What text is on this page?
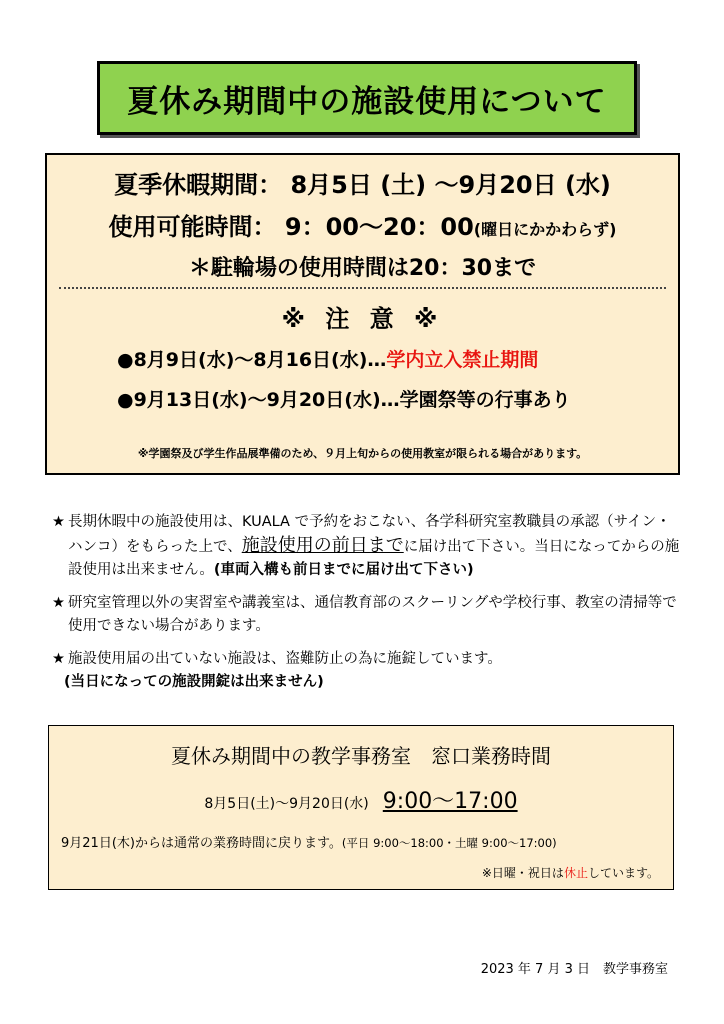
夏休み期間中の施設使用について
夏季休暇期間： 8月5日 (土) ～9月20日 (水)
使用可能時間： 9：00～20：00(曜日にかかわらず)
＊駐輪場の使用時間は20：30まで
※ 注 意 ※
●8月9日(水)～8月16日(水)…学内立入禁止期間
●9月13日(水)～9月20日(水)…学園祭等の行事あり
※学園祭及び学生作品展準備のため、９月上旬からの使用教室が限られる場合があります。
★ 長期休暇中の施設使用は、KUALA で予約をおこない、各学科研究室教職員の承認（サイン・ハンコ）をもらった上で、施設使用の前日までに届け出て下さい。当日になってからの施設使用は出来ません。(車両入構も前日までに届け出て下さい)
★ 研究室管理以外の実習室や講義室は、通信教育部のスクーリングや学校行事、教室の清掃等で使用できない場合があります。
★ 施設使用届の出ていない施設は、盗難防止の為に施錠しています。
(当日になっての施設開錠は出来ません)
夏休み期間中の教学事務室　窓口業務時間
8月5日(土)～9月20日(水) 9:00～17:00
9月21日(木)からは通常の業務時間に戻ります。(平日 9:00～18:00・土曜 9:00～17:00)
※日曜・祝日は休止しています。
2023 年 7 月 3 日　教学事務室
